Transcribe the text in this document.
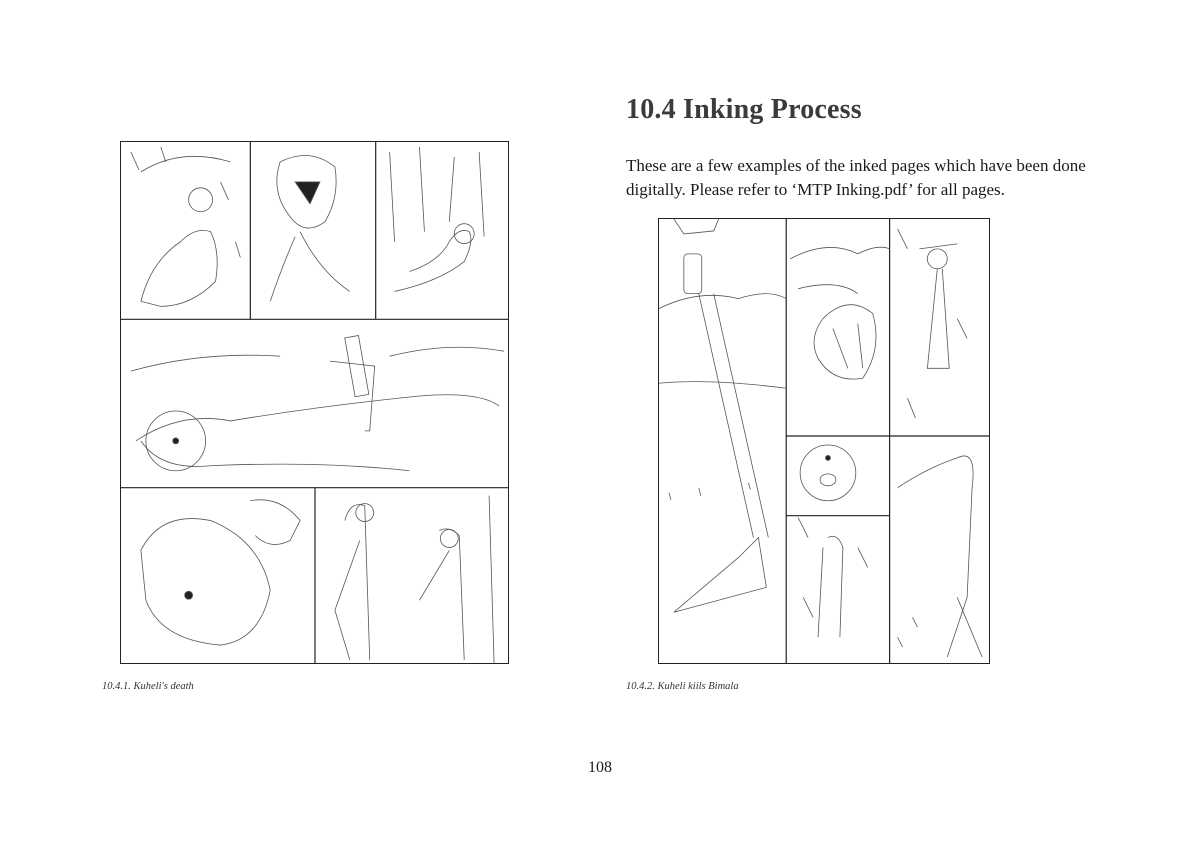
10.4.1. Kuheli's death

10.4 Inking Process

These are a few examples of the inked pages which have been done digitally. Please refer to ‘MTP Inking.pdf’ for all pages.

10.4.2. Kuheli kiils Bimala

108
